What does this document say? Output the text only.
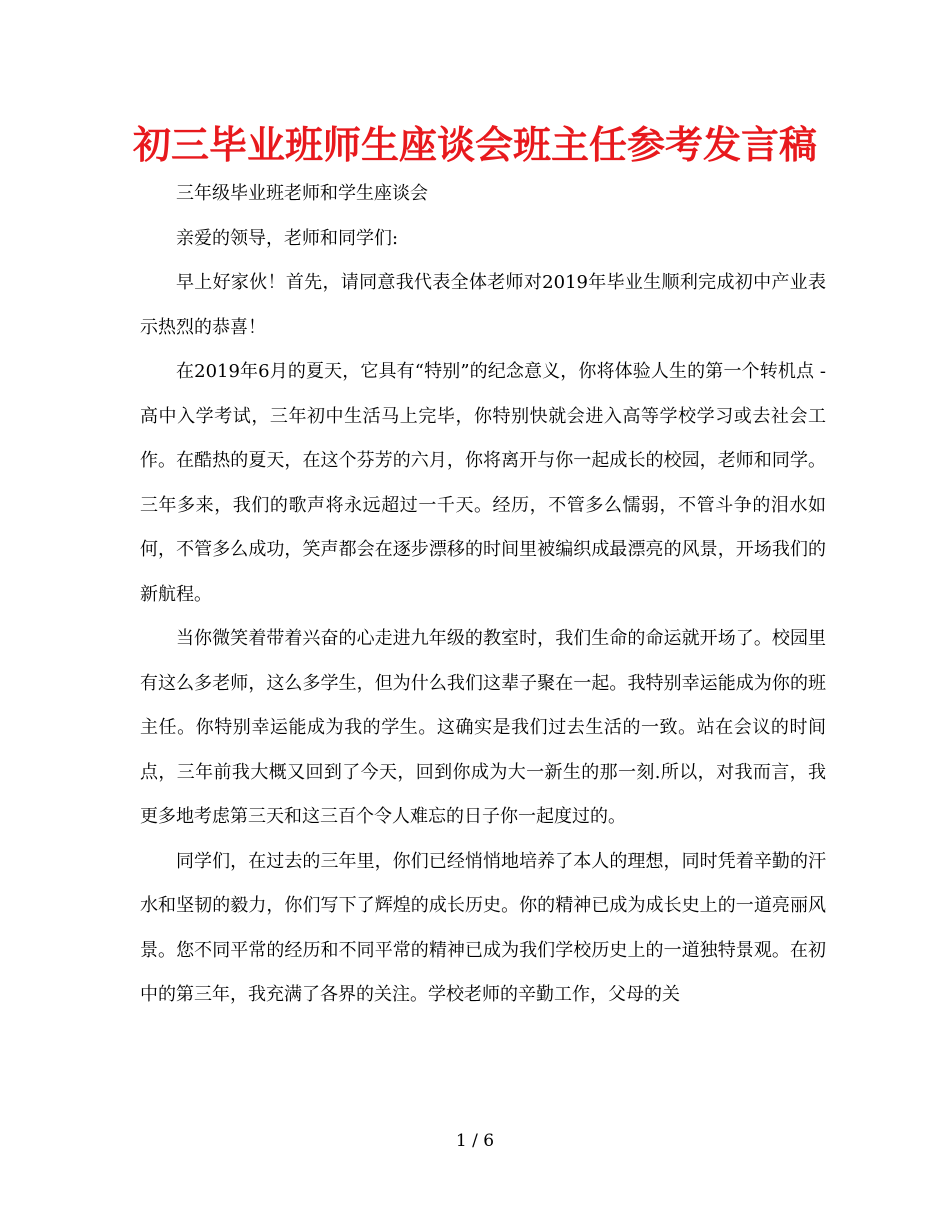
初三毕业班师生座谈会班主任参考发言稿

三年级毕业班老师和学生座谈会

亲爱的领导，老师和同学们:

早上好家伙！首先，请同意我代表全体老师对2019年毕业生顺利完成初中产业表示热烈的恭喜！

在2019年6月的夏天，它具有“特别”的纪念意义，你将体验人生的第一个转机点 - 高中入学考试，三年初中生活马上完毕，你特别快就会进入高等学校学习或去社会工作。在酷热的夏天，在这个芬芳的六月，你将离开与你一起成长的校园，老师和同学。三年多来，我们的歌声将永远超过一千天。经历，不管多么懦弱，不管斗争的泪水如何，不管多么成功，笑声都会在逐步漂移的时间里被编织成最漂亮的风景，开场我们的新航程。

当你微笑着带着兴奋的心走进九年级的教室时，我们生命的命运就开场了。校园里有这么多老师，这么多学生，但为什么我们这辈子聚在一起。我特别幸运能成为你的班主任。你特别幸运能成为我的学生。这确实是我们过去生活的一致。站在会议的时间点，三年前我大概又回到了今天，回到你成为大一新生的那一刻.所以，对我而言，我更多地考虑第三天和这三百个令人难忘的日子你一起度过的。

同学们，在过去的三年里，你们已经悄悄地培养了本人的理想，同时凭着辛勤的汗水和坚韧的毅力，你们写下了辉煌的成长历史。你的精神已成为成长史上的一道亮丽风景。您不同平常的经历和不同平常的精神已成为我们学校历史上的一道独特景观。在初中的第三年，我充满了各界的关注。学校老师的辛勤工作，父母的关

1 / 6
